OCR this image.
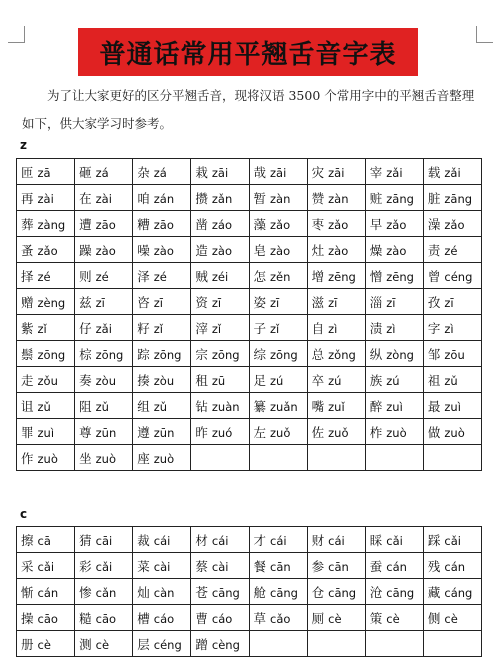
普通话常用平翘舌音字表
为了让大家更好的区分平翘舌音，现将汉语 3500 个常用字中的平翘舌音整理如下，供大家学习时参考。
z
匝 zā	砸 zá	杂 zá	栽 zāi	哉 zāi	灾 zāi	宰 zǎi	载 zǎi
再 zài	在 zài	咱 zán	攒 zǎn	暂 zàn	赞 zàn	赃 zāng	脏 zāng
葬 zàng	遭 zāo	糟 zāo	凿 záo	藻 zǎo	枣 zǎo	早 zǎo	澡 zǎo
蚤 zǎo	躁 zào	噪 zào	造 zào	皂 zào	灶 zào	燥 zào	责 zé
择 zé	则 zé	泽 zé	贼 zéi	怎 zěn	增 zēng	憎 zēng	曾 céng
赠 zèng	兹 zī	咨 zī	资 zī	姿 zī	滋 zī	淄 zī	孜 zī
紫 zǐ	仔 zǎi	籽 zǐ	滓 zǐ	子 zǐ	自 zì	渍 zì	字 zì
鬃 zōng	棕 zōng	踪 zōng	宗 zōng	综 zōng	总 zǒng	纵 zòng	邹 zōu
走 zǒu	奏 zòu	揍 zòu	租 zū	足 zú	卒 zú	族 zú	祖 zǔ
诅 zǔ	阻 zǔ	组 zǔ	钻 zuàn	纂 zuǎn	嘴 zuǐ	醉 zuì	最 zuì
罪 zuì	尊 zūn	遵 zūn	昨 zuó	左 zuǒ	佐 zuǒ	柞 zuò	做 zuò
作 zuò	坐 zuò	座 zuò					
c
擦 cā	猜 cāi	裁 cái	材 cái	才 cái	财 cái	睬 cǎi	踩 cǎi
采 cǎi	彩 cǎi	菜 cài	蔡 cài	餐 cān	参 cān	蚕 cán	残 cán
惭 cán	惨 cǎn	灿 càn	苍 cāng	舱 cāng	仓 cāng	沧 cāng	藏 cáng
操 cāo	糙 cāo	槽 cáo	曹 cáo	草 cǎo	厕 cè	策 cè	侧 cè
册 cè	测 cè	层 céng	蹭 cèng				
